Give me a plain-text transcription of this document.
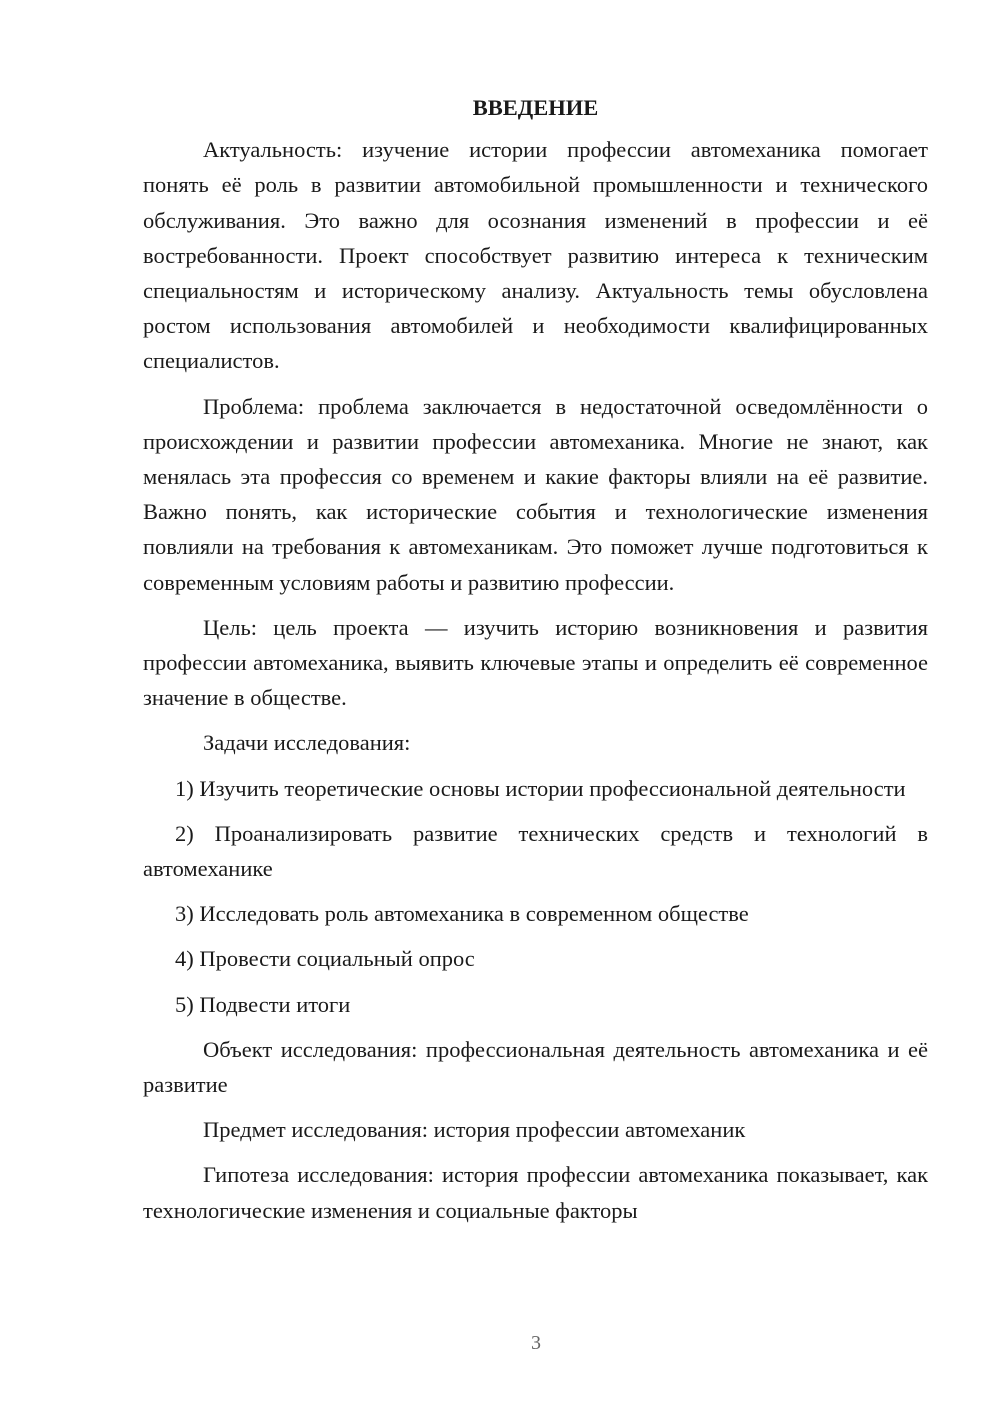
ВВЕДЕНИЕ

Актуальность: изучение истории профессии автомеханика помогает понять её роль в развитии автомобильной промышленности и технического обслуживания. Это важно для осознания изменений в профессии и её востребованности. Проект способствует развитию интереса к техническим специальностям и историческому анализу. Актуальность темы обусловлена ростом использования автомобилей и необходимости квалифицированных специалистов.

Проблема: проблема заключается в недостаточной осведомлённости о происхождении и развитии профессии автомеханика. Многие не знают, как менялась эта профессия со временем и какие факторы влияли на её развитие. Важно понять, как исторические события и технологические изменения повлияли на требования к автомеханикам. Это поможет лучше подготовиться к современным условиям работы и развитию профессии.

Цель: цель проекта — изучить историю возникновения и развития профессии автомеханика, выявить ключевые этапы и определить её современное значение в обществе.

Задачи исследования:

1) Изучить теоретические основы истории профессиональной деятельности

2) Проанализировать развитие технических средств и технологий в автомеханике

3) Исследовать роль автомеханика в современном обществе

4) Провести социальный опрос

5) Подвести итоги

Объект исследования: профессиональная деятельность автомеханика и её развитие

Предмет исследования: история профессии автомеханик

Гипотеза исследования: история профессии автомеханика показывает, как технологические изменения и социальные факторы

3
